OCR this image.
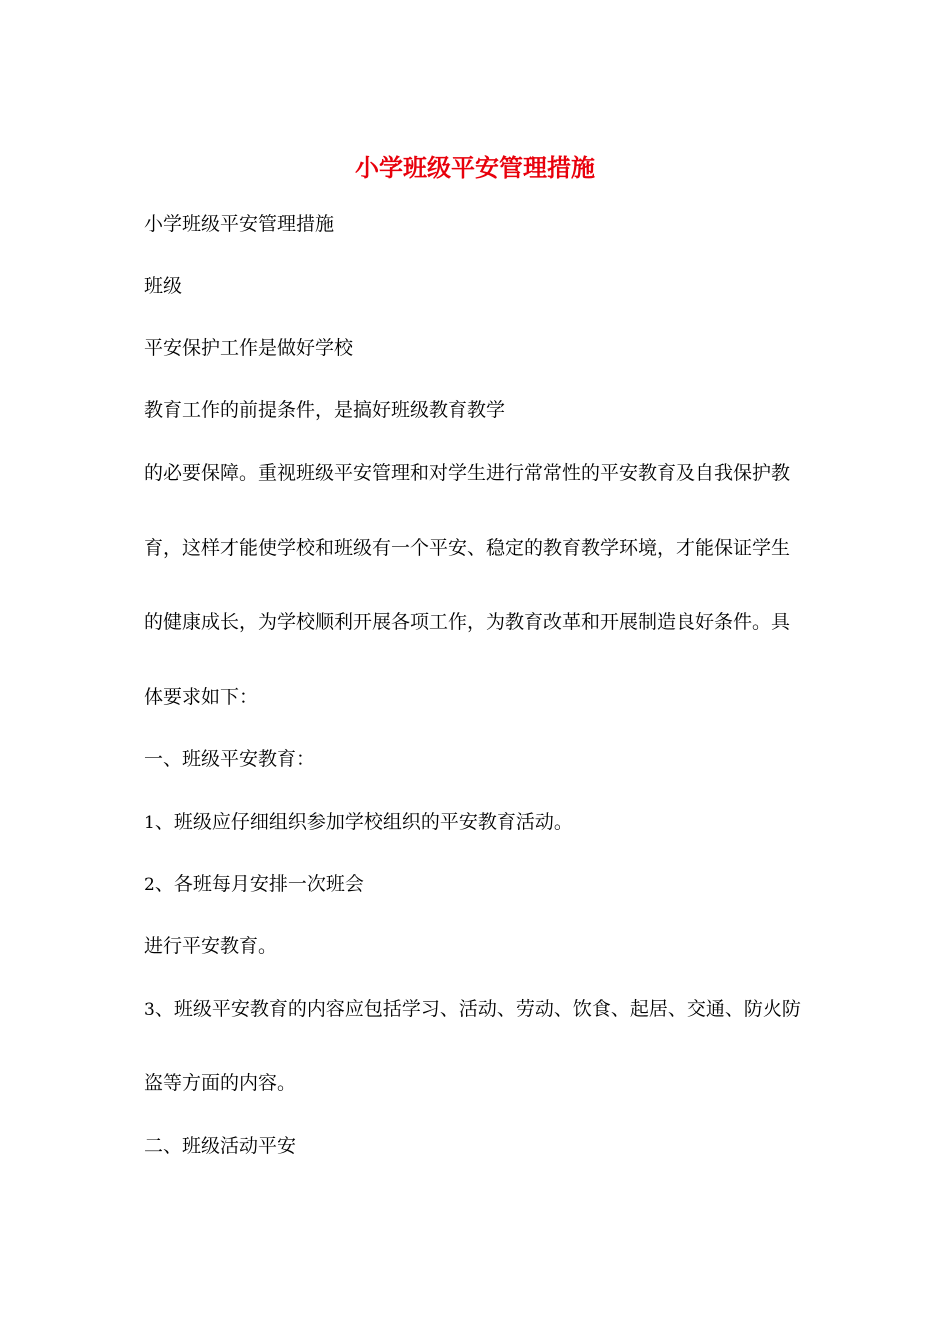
小学班级平安管理措施

小学班级平安管理措施

班级

平安保护工作是做好学校

教育工作的前提条件，是搞好班级教育教学

的必要保障。重视班级平安管理和对学生进行常常性的平安教育及自我保护教

育，这样才能使学校和班级有一个平安、稳定的教育教学环境，才能保证学生

的健康成长，为学校顺利开展各项工作，为教育改革和开展制造良好条件。具

体要求如下：

一、班级平安教育：

1、班级应仔细组织参加学校组织的平安教育活动。

2、各班每月安排一次班会

进行平安教育。

3、班级平安教育的内容应包括学习、活动、劳动、饮食、起居、交通、防火防

盗等方面的内容。

二、班级活动平安
